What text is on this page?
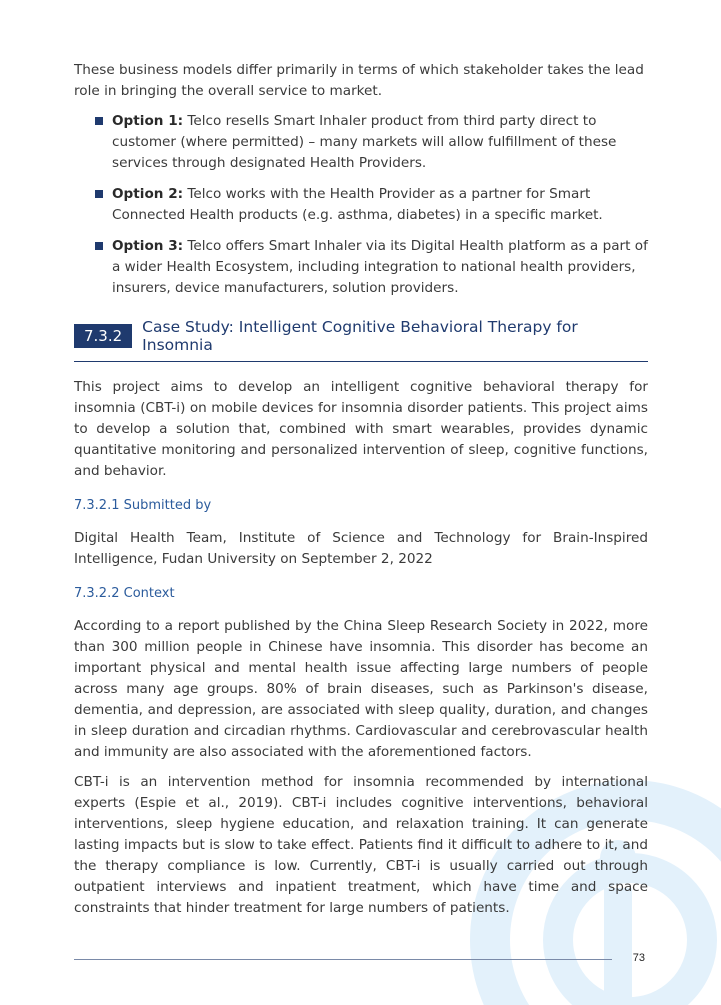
These business models differ primarily in terms of which stakeholder takes the lead role in bringing the overall service to market.

Option 1: Telco resells Smart Inhaler product from third party direct to customer (where permitted) – many markets will allow fulfillment of these services through designated Health Providers.
Option 2: Telco works with the Health Provider as a partner for Smart Connected Health products (e.g. asthma, diabetes) in a specific market.
Option 3: Telco offers Smart Inhaler via its Digital Health platform as a part of a wider Health Ecosystem, including integration to national health providers, insurers, device manufacturers, solution providers.
7.3.2	Case Study: Intelligent Cognitive Behavioral Therapy for Insomnia

This project aims to develop an intelligent cognitive behavioral therapy for insomnia (CBT-i) on mobile devices for insomnia disorder patients. This project aims to develop a solution that, combined with smart wearables, provides dynamic quantitative monitoring and personalized intervention of sleep, cognitive functions, and behavior.

7.3.2.1 Submitted by

Digital Health Team, Institute of Science and Technology for Brain-Inspired Intelligence, Fudan University on September 2, 2022

7.3.2.2 Context

According to a report published by the China Sleep Research Society in 2022, more than 300 million people in Chinese have insomnia. This disorder has become an important physical and mental health issue affecting large numbers of people across many age groups. 80% of brain diseases, such as Parkinson's disease, dementia, and depression, are associated with sleep quality, duration, and changes in sleep duration and circadian rhythms. Cardiovascular and cerebrovascular health and immunity are also associated with the aforementioned factors.

CBT-i is an intervention method for insomnia recommended by international experts (Espie et al., 2019). CBT-i includes cognitive interventions, behavioral interventions, sleep hygiene education, and relaxation training. It can generate lasting impacts but is slow to take effect. Patients find it difficult to adhere to it, and the therapy compliance is low. Currently, CBT-i is usually carried out through outpatient interviews and inpatient treatment, which have time and space constraints that hinder treatment for large numbers of patients.

73
